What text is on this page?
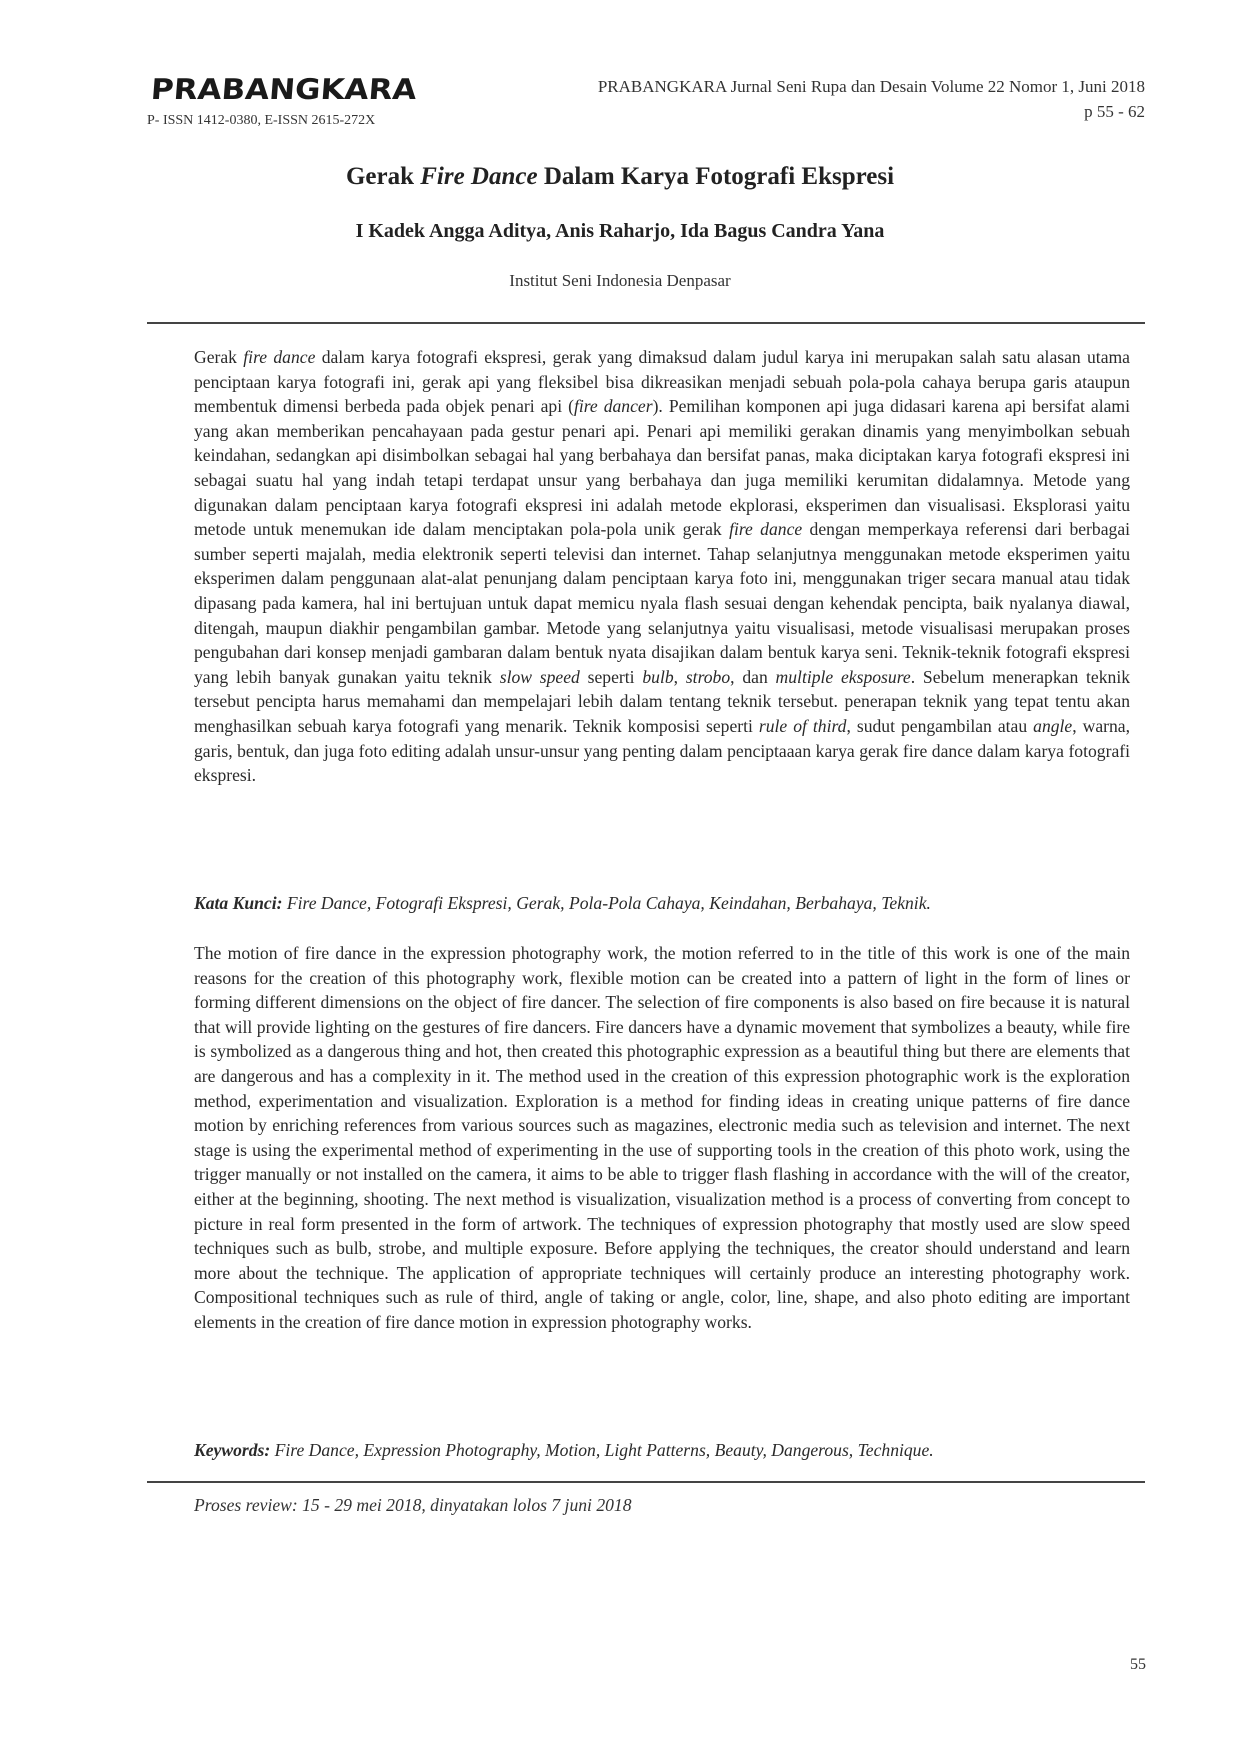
PRABANGKARA
P- ISSN 1412-0380, E-ISSN 2615-272X
PRABANGKARA Jurnal Seni Rupa dan Desain Volume 22 Nomor 1, Juni 2018
p 55 - 62
Gerak Fire Dance Dalam Karya Fotografi Ekspresi
I Kadek Angga Aditya, Anis Raharjo, Ida Bagus Candra Yana
Institut Seni Indonesia Denpasar
Gerak fire dance dalam karya fotografi ekspresi, gerak yang dimaksud dalam judul karya ini merupakan salah satu alasan utama penciptaan karya fotografi ini, gerak api yang fleksibel bisa dikreasikan menjadi sebuah pola-pola cahaya berupa garis ataupun membentuk dimensi berbeda pada objek penari api (fire dancer). Pemilihan komponen api juga didasari karena api bersifat alami yang akan memberikan pencahayaan pada gestur penari api. Penari api memiliki gerakan dinamis yang menyimbolkan sebuah keindahan, sedangkan api disimbolkan sebagai hal yang berbahaya dan bersifat panas, maka diciptakan karya fotografi ekspresi ini sebagai suatu hal yang indah tetapi terdapat unsur yang berbahaya dan juga memiliki kerumitan didalamnya. Metode yang digunakan dalam penciptaan karya fotografi ekspresi ini adalah metode ekplorasi, eksperimen dan visualisasi. Eksplorasi yaitu metode untuk menemukan ide dalam menciptakan pola-pola unik gerak fire dance dengan memperkaya referensi dari berbagai sumber seperti majalah, media elektronik seperti televisi dan internet. Tahap selanjutnya menggunakan metode eksperimen yaitu eksperimen dalam penggunaan alat-alat penunjang dalam penciptaan karya foto ini, menggunakan triger secara manual atau tidak dipasang pada kamera, hal ini bertujuan untuk dapat memicu nyala flash sesuai dengan kehendak pencipta, baik nyalanya diawal, ditengah, maupun diakhir pengambilan gambar. Metode yang selanjutnya yaitu visualisasi, metode visualisasi merupakan proses pengubahan dari konsep menjadi gambaran dalam bentuk nyata disajikan dalam bentuk karya seni. Teknik-teknik fotografi ekspresi yang lebih banyak gunakan yaitu teknik slow speed seperti bulb, strobo, dan multiple eksposure. Sebelum menerapkan teknik tersebut pencipta harus memahami dan mempelajari lebih dalam tentang teknik tersebut. penerapan teknik yang tepat tentu akan menghasilkan sebuah karya fotografi yang menarik. Teknik komposisi seperti rule of third, sudut pengambilan atau angle, warna, garis, bentuk, dan juga foto editing adalah unsur-unsur yang penting dalam penciptaaan karya gerak fire dance dalam karya fotografi ekspresi.
Kata Kunci: Fire Dance, Fotografi Ekspresi, Gerak, Pola-Pola Cahaya, Keindahan, Berbahaya, Teknik.
The motion of fire dance in the expression photography work, the motion referred to in the title of this work is one of the main reasons for the creation of this photography work, flexible motion can be created into a pattern of light in the form of lines or forming different dimensions on the object of fire dancer. The selection of fire components is also based on fire because it is natural that will provide lighting on the gestures of fire dancers. Fire dancers have a dynamic movement that symbolizes a beauty, while fire is symbolized as a dangerous thing and hot, then created this photographic expression as a beautiful thing but there are elements that are dangerous and has a complexity in it. The method used in the creation of this expression photographic work is the exploration method, experimentation and visualization. Exploration is a method for finding ideas in creating unique patterns of fire dance motion by enriching references from various sources such as magazines, electronic media such as television and internet. The next stage is using the experimental method of experimenting in the use of supporting tools in the creation of this photo work, using the trigger manually or not installed on the camera, it aims to be able to trigger flash flashing in accordance with the will of the creator, either at the beginning, shooting. The next method is visualization, visualization method is a process of converting from concept to picture in real form presented in the form of artwork. The techniques of expression photography that mostly used are slow speed techniques such as bulb, strobe, and multiple exposure. Before applying the techniques, the creator should understand and learn more about the technique. The application of appropriate techniques will certainly produce an interesting photography work. Compositional techniques such as rule of third, angle of taking or angle, color, line, shape, and also photo editing are important elements in the creation of fire dance motion in expression photography works.
Keywords: Fire Dance, Expression Photography, Motion, Light Patterns, Beauty, Dangerous, Technique.
Proses review: 15 - 29 mei 2018, dinyatakan lolos 7 juni 2018
55
